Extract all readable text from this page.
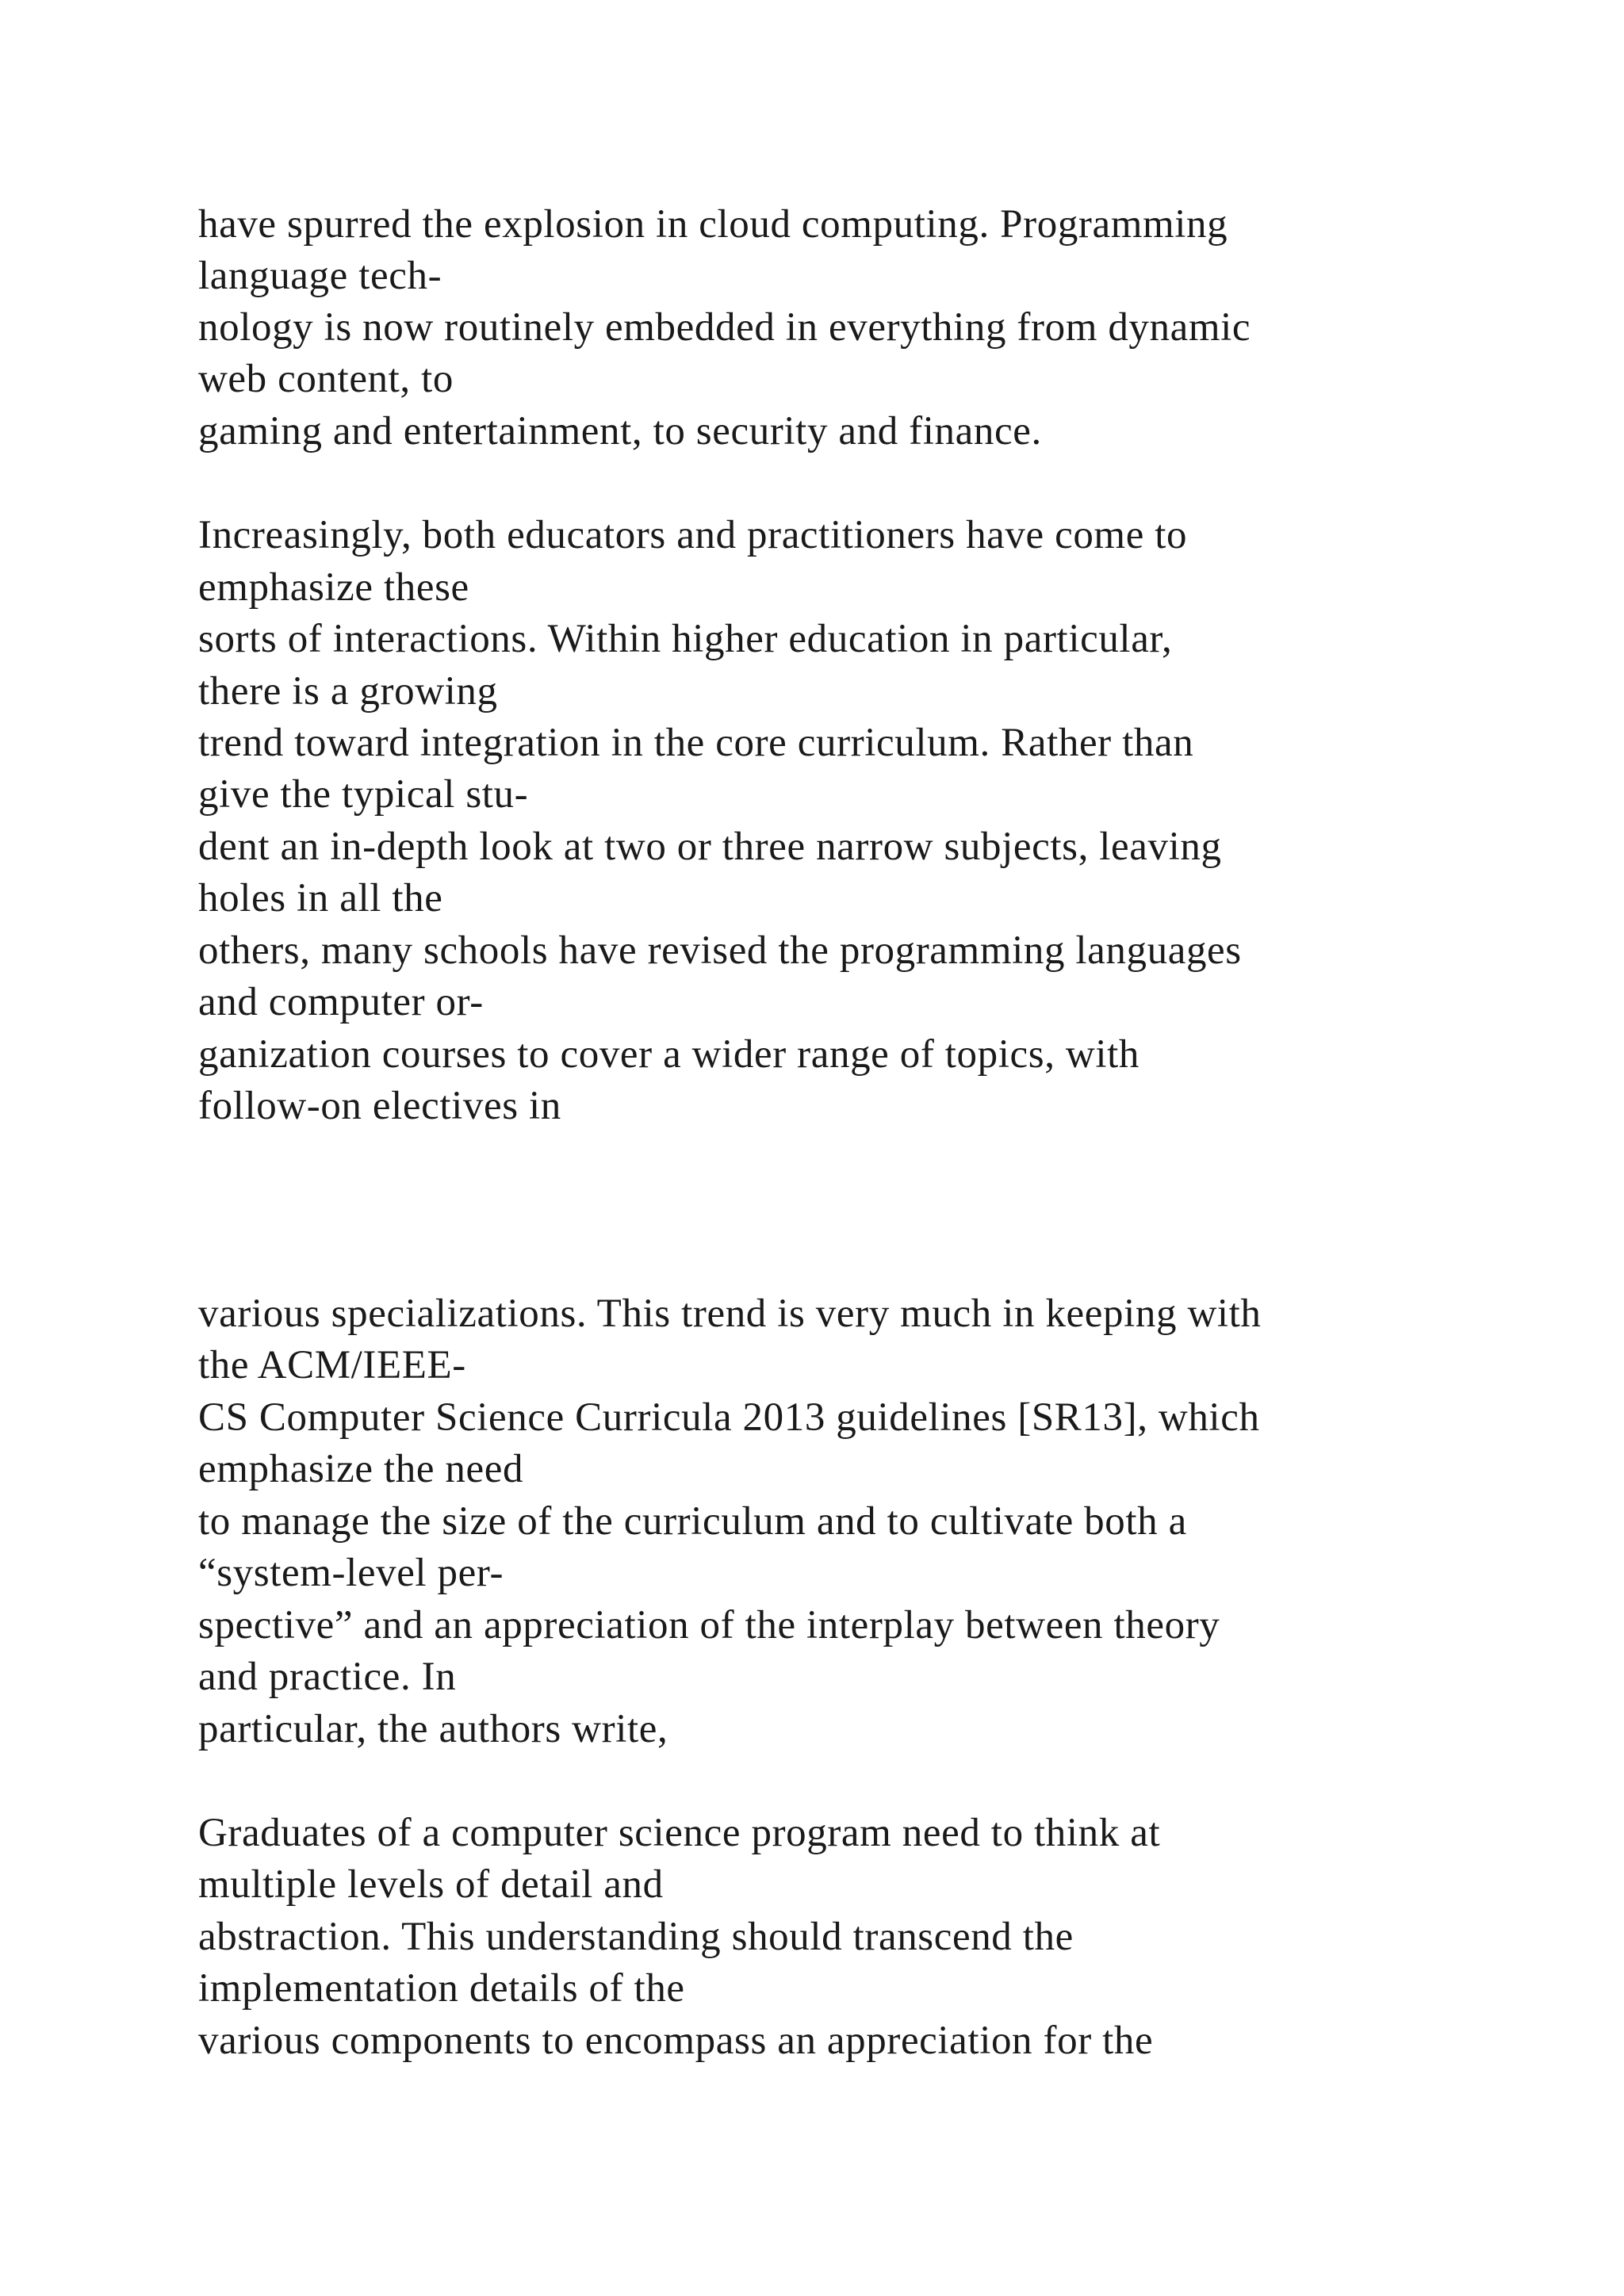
have spurred the explosion in cloud computing. Programming

language tech-

nology is now routinely embedded in everything from dynamic

web content, to

gaming and entertainment, to security and finance.

Increasingly, both educators and practitioners have come to

emphasize these

sorts of interactions. Within higher education in particular,

there is a growing

trend toward integration in the core curriculum. Rather than

give the typical stu-

dent an in-depth look at two or three narrow subjects, leaving

holes in all the

others, many schools have revised the programming languages

and computer or-

ganization courses to cover a wider range of topics, with

follow-on electives in

various specializations. This trend is very much in keeping with

the ACM/IEEE-

CS Computer Science Curricula 2013 guidelines [SR13], which

emphasize the need

to manage the size of the curriculum and to cultivate both a

“system-level per-

spective” and an appreciation of the interplay between theory

and practice. In

particular, the authors write,

Graduates of a computer science program need to think at

multiple levels of detail and

abstraction. This understanding should transcend the

implementation details of the

various components to encompass an appreciation for the
